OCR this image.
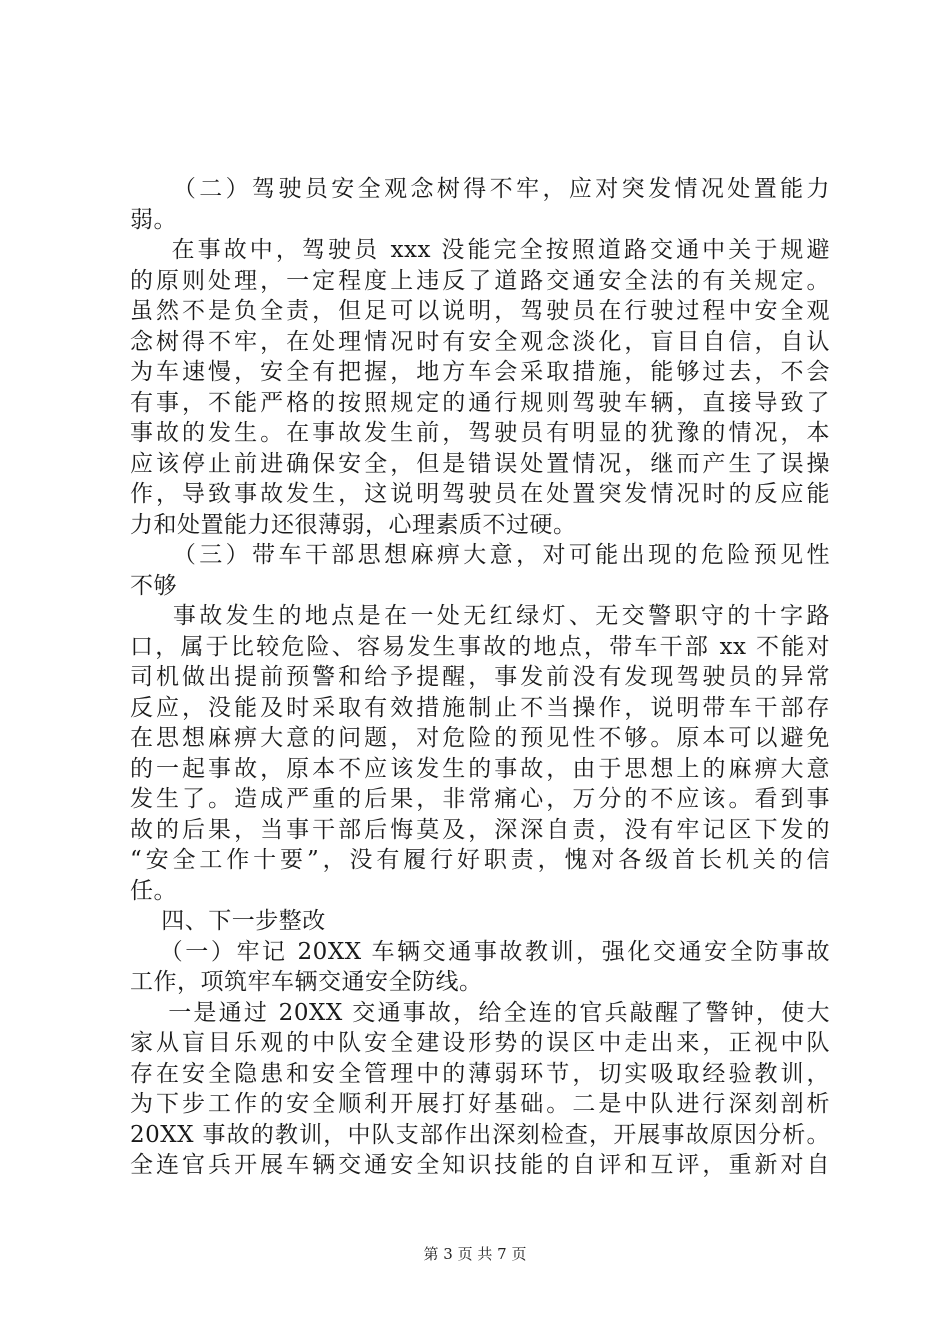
（二）驾驶员安全观念树得不牢，应对突发情况处置能力
弱。
在事故中，驾驶员 xxx 没能完全按照道路交通中关于规避
的原则处理，一定程度上违反了道路交通安全法的有关规定。
虽然不是负全责，但足可以说明，驾驶员在行驶过程中安全观
念树得不牢，在处理情况时有安全观念淡化，盲目自信，自认
为车速慢，安全有把握，地方车会采取措施，能够过去，不会
有事，不能严格的按照规定的通行规则驾驶车辆，直接导致了
事故的发生。在事故发生前，驾驶员有明显的犹豫的情况，本
应该停止前进确保安全，但是错误处置情况，继而产生了误操
作，导致事故发生，这说明驾驶员在处置突发情况时的反应能
力和处置能力还很薄弱，心理素质不过硬。
（三）带车干部思想麻痹大意，对可能出现的危险预见性
不够
事故发生的地点是在一处无红绿灯、无交警职守的十字路
口，属于比较危险、容易发生事故的地点，带车干部 xx 不能对
司机做出提前预警和给予提醒，事发前没有发现驾驶员的异常
反应，没能及时采取有效措施制止不当操作，说明带车干部存
在思想麻痹大意的问题，对危险的预见性不够。原本可以避免
的一起事故，原本不应该发生的事故，由于思想上的麻痹大意
发生了。造成严重的后果，非常痛心，万分的不应该。看到事
故的后果，当事干部后悔莫及，深深自责，没有牢记区下发的
“安全工作十要”，没有履行好职责，愧对各级首长机关的信
任。
四、下一步整改
（一）牢记 20XX 车辆交通事故教训，强化交通安全防事故
工作，项筑牢车辆交通安全防线。
一是通过 20XX 交通事故，给全连的官兵敲醒了警钟，使大
家从盲目乐观的中队安全建设形势的误区中走出来，正视中队
存在安全隐患和安全管理中的薄弱环节，切实吸取经验教训，
为下步工作的安全顺利开展打好基础。二是中队进行深刻剖析
20XX 事故的教训，中队支部作出深刻检查，开展事故原因分析。
全连官兵开展车辆交通安全知识技能的自评和互评，重新对自
第 3 页 共 7 页
